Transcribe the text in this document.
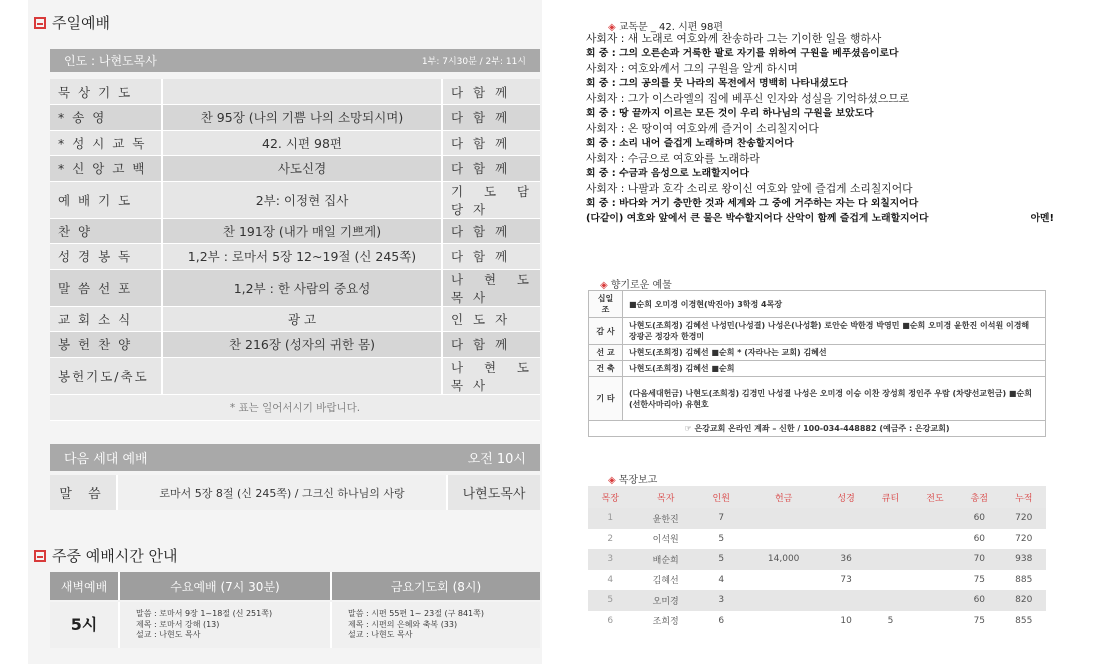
주일예배
인도 : 나현도목사	1부: 7시30분 / 2부: 11시
묵 상 기 도		다 함 께
* 송 영	찬 95장 (나의 기쁨 나의 소망되시며)	다 함 께
* 성 시 교 독	42. 시편 98편	다 함 께
* 신 앙 고 백	사도신경	다 함 께
예 배 기 도	2부: 이정현 집사	기 도 담 당 자
찬 양	찬 191장 (내가 매일 기쁘게)	다 함 께
성 경 봉 독	1,2부 : 로마서 5장 12~19절 (신 245쪽)	다 함 께
말 씀 선 포	1,2부 : 한 사람의 중요성	나 현 도 목 사
교 회 소 식	광 고	인 도 자
봉 헌 찬 양	찬 216장 (성자의 귀한 몸)	다 함 께
봉헌기도/축도		나 현 도 목 사
* 표는 일어서시기 바랍니다.		
다음 세대 예배	오전 10시
말 씀	로마서 5장 8절 (신 245쪽) / 그크신 하나님의 사랑	나현도목사
주중 예배시간 안내
새벽예배	수요예배 (7시 30분)	금요기도회 (8시)
5시
말씀 : 로마서 9장 1~18절 (신 251쪽)
제목 : 로마서 강해 (13)
설교 : 나현도 목사
말씀 : 시편 55편 1~ 23절 (구 841쪽)
제목 : 시편의 은혜와 축복 (33)
설교 : 나현도 목사
◈ 교독문 _ 42. 시편 98편
사회자 : 새 노래로 여호와께 찬송하라 그는 기이한 일을 행하사
회 중 : 그의 오른손과 거룩한 팔로 자기를 위하여 구원을 베푸셨음이로다
사회자 : 여호와께서 그의 구원을 알게 하시며
회 중 : 그의 공의를 뭇 나라의 목전에서 명백히 나타내셨도다
사회자 : 그가 이스라엘의 집에 베푸신 인자와 성실을 기억하셨으므로
회 중 : 땅 끝까지 이르는 모든 것이 우리 하나님의 구원을 보았도다
사회자 : 온 땅이여 여호와께 즐거이 소리칠지어다
회 중 : 소리 내어 즐겁게 노래하며 찬송할지어다
사회자 : 수금으로 여호와를 노래하라
회 중 : 수금과 음성으로 노래할지어다
사회자 : 나팔과 호각 소리로 왕이신 여호와 앞에 즐겁게 소리칠지어다
회 중 : 바다와 거기 충만한 것과 세계와 그 중에 거주하는 자는 다 외칠지어다
(다같이) 여호와 앞에서 큰 물은 박수할지어다 산악이 함께 즐겁게 노래할지어다	아멘!
◈ 향기로운 예물
십일조	■순희 오미경 이경현(박진아) 3학정 4목장
감 사	나현도(조희정) 김혜선 나성민(나성결) 나성은(나성환) 로안순 박한경 박영민 ■순희 오미경 윤한진 이석원 이경해 장광곤 정강자 한경미
선 교	나현도(조희정) 김혜선 ■순희 * (자라나는 교회) 김혜선
건 축	나현도(조희정) 김혜선 ■순희
기 타	(다음세대헌금) 나현도(조희정) 김경민 나성결 나성은 오미경 이승 이찬 장성희 정인주 우람 (차량선교헌금) ■순희 (선한사마리아) 유현호
☞ 은강교회 온라인 계좌 – 신한 / 100-034-448882 (예금주 : 은강교회)	
◈ 목장보고
목장	목자	인원	헌금	성경	큐티	전도	총점	누적
1	윤한진	7					60	720
2	이석원	5					60	720
3	배순희	5	14,000	36			70	938
4	김혜선	4		73			75	885
5	오미경	3					60	820
6	조희정	6		10	5		75	855
